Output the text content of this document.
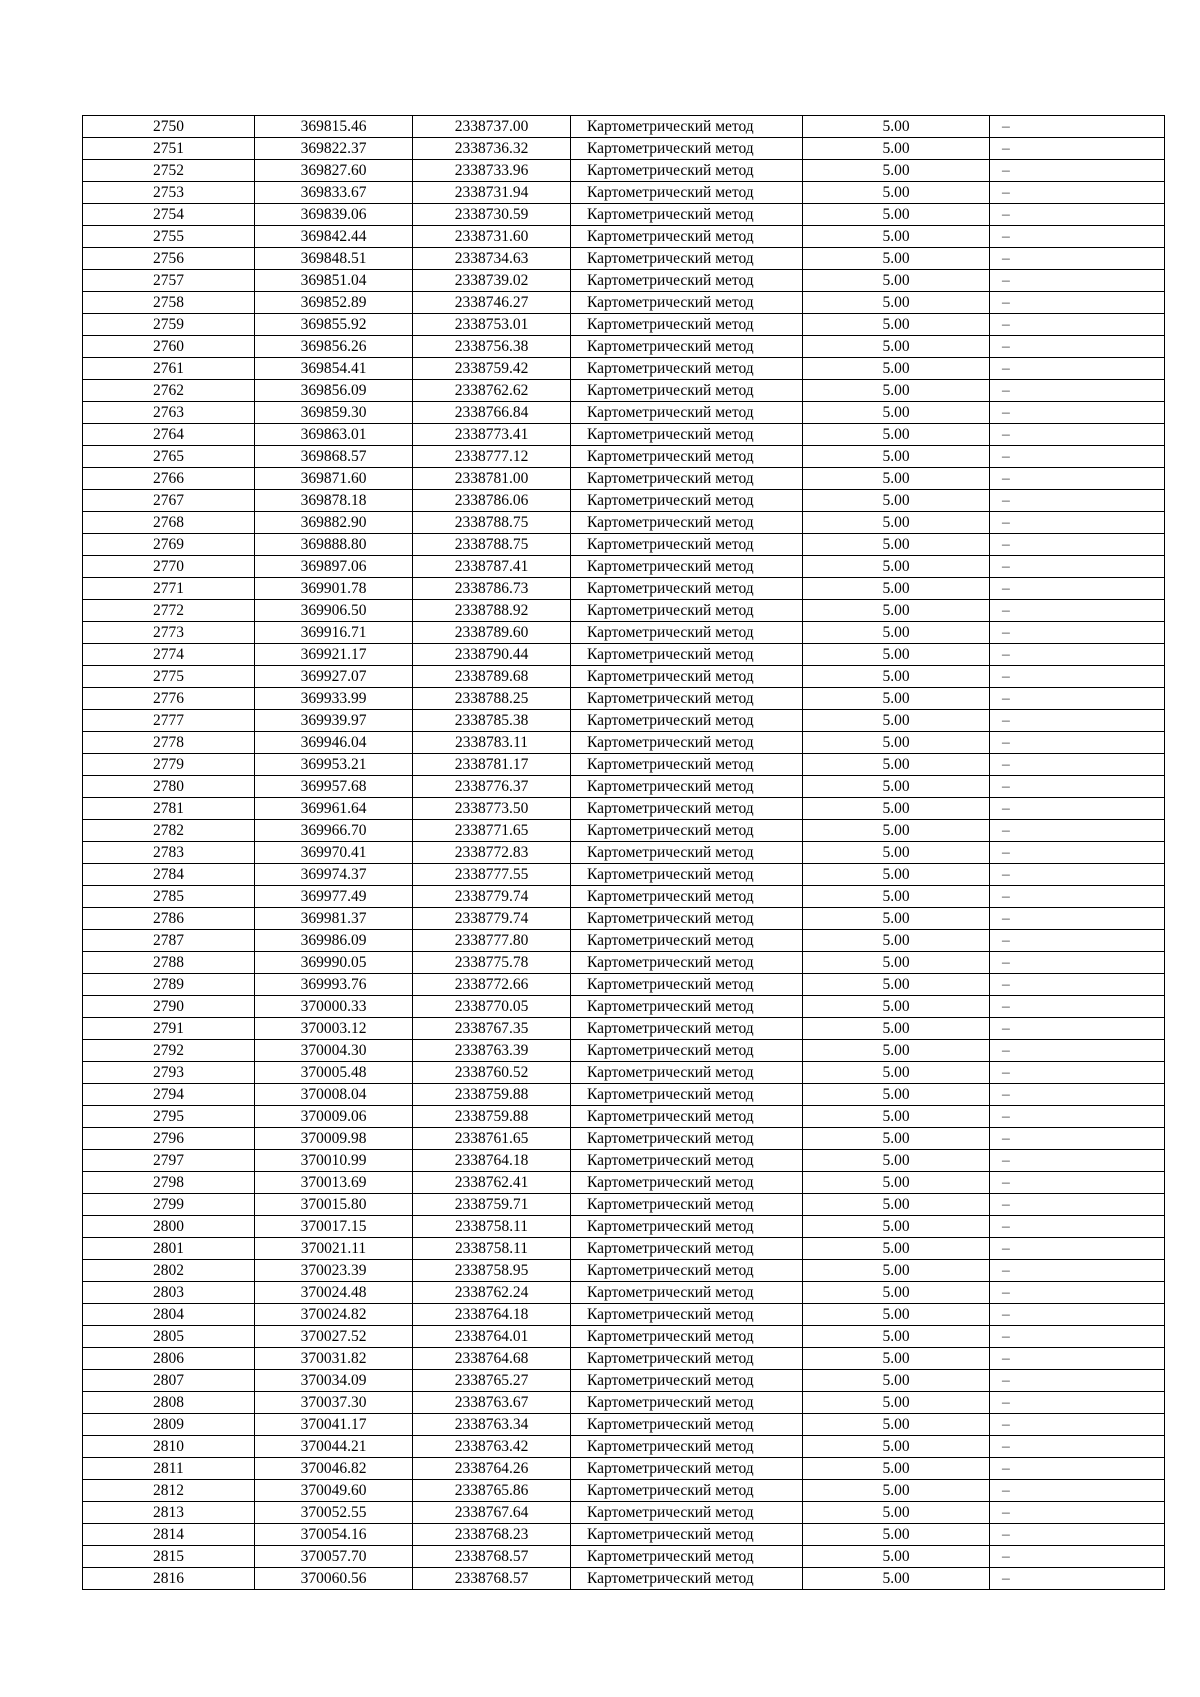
2750	369815.46	2338737.00	Картометрический метод	5.00	–
2751	369822.37	2338736.32	Картометрический метод	5.00	–
2752	369827.60	2338733.96	Картометрический метод	5.00	–
2753	369833.67	2338731.94	Картометрический метод	5.00	–
2754	369839.06	2338730.59	Картометрический метод	5.00	–
2755	369842.44	2338731.60	Картометрический метод	5.00	–
2756	369848.51	2338734.63	Картометрический метод	5.00	–
2757	369851.04	2338739.02	Картометрический метод	5.00	–
2758	369852.89	2338746.27	Картометрический метод	5.00	–
2759	369855.92	2338753.01	Картометрический метод	5.00	–
2760	369856.26	2338756.38	Картометрический метод	5.00	–
2761	369854.41	2338759.42	Картометрический метод	5.00	–
2762	369856.09	2338762.62	Картометрический метод	5.00	–
2763	369859.30	2338766.84	Картометрический метод	5.00	–
2764	369863.01	2338773.41	Картометрический метод	5.00	–
2765	369868.57	2338777.12	Картометрический метод	5.00	–
2766	369871.60	2338781.00	Картометрический метод	5.00	–
2767	369878.18	2338786.06	Картометрический метод	5.00	–
2768	369882.90	2338788.75	Картометрический метод	5.00	–
2769	369888.80	2338788.75	Картометрический метод	5.00	–
2770	369897.06	2338787.41	Картометрический метод	5.00	–
2771	369901.78	2338786.73	Картометрический метод	5.00	–
2772	369906.50	2338788.92	Картометрический метод	5.00	–
2773	369916.71	2338789.60	Картометрический метод	5.00	–
2774	369921.17	2338790.44	Картометрический метод	5.00	–
2775	369927.07	2338789.68	Картометрический метод	5.00	–
2776	369933.99	2338788.25	Картометрический метод	5.00	–
2777	369939.97	2338785.38	Картометрический метод	5.00	–
2778	369946.04	2338783.11	Картометрический метод	5.00	–
2779	369953.21	2338781.17	Картометрический метод	5.00	–
2780	369957.68	2338776.37	Картометрический метод	5.00	–
2781	369961.64	2338773.50	Картометрический метод	5.00	–
2782	369966.70	2338771.65	Картометрический метод	5.00	–
2783	369970.41	2338772.83	Картометрический метод	5.00	–
2784	369974.37	2338777.55	Картометрический метод	5.00	–
2785	369977.49	2338779.74	Картометрический метод	5.00	–
2786	369981.37	2338779.74	Картометрический метод	5.00	–
2787	369986.09	2338777.80	Картометрический метод	5.00	–
2788	369990.05	2338775.78	Картометрический метод	5.00	–
2789	369993.76	2338772.66	Картометрический метод	5.00	–
2790	370000.33	2338770.05	Картометрический метод	5.00	–
2791	370003.12	2338767.35	Картометрический метод	5.00	–
2792	370004.30	2338763.39	Картометрический метод	5.00	–
2793	370005.48	2338760.52	Картометрический метод	5.00	–
2794	370008.04	2338759.88	Картометрический метод	5.00	–
2795	370009.06	2338759.88	Картометрический метод	5.00	–
2796	370009.98	2338761.65	Картометрический метод	5.00	–
2797	370010.99	2338764.18	Картометрический метод	5.00	–
2798	370013.69	2338762.41	Картометрический метод	5.00	–
2799	370015.80	2338759.71	Картометрический метод	5.00	–
2800	370017.15	2338758.11	Картометрический метод	5.00	–
2801	370021.11	2338758.11	Картометрический метод	5.00	–
2802	370023.39	2338758.95	Картометрический метод	5.00	–
2803	370024.48	2338762.24	Картометрический метод	5.00	–
2804	370024.82	2338764.18	Картометрический метод	5.00	–
2805	370027.52	2338764.01	Картометрический метод	5.00	–
2806	370031.82	2338764.68	Картометрический метод	5.00	–
2807	370034.09	2338765.27	Картометрический метод	5.00	–
2808	370037.30	2338763.67	Картометрический метод	5.00	–
2809	370041.17	2338763.34	Картометрический метод	5.00	–
2810	370044.21	2338763.42	Картометрический метод	5.00	–
2811	370046.82	2338764.26	Картометрический метод	5.00	–
2812	370049.60	2338765.86	Картометрический метод	5.00	–
2813	370052.55	2338767.64	Картометрический метод	5.00	–
2814	370054.16	2338768.23	Картометрический метод	5.00	–
2815	370057.70	2338768.57	Картометрический метод	5.00	–
2816	370060.56	2338768.57	Картометрический метод	5.00	–
